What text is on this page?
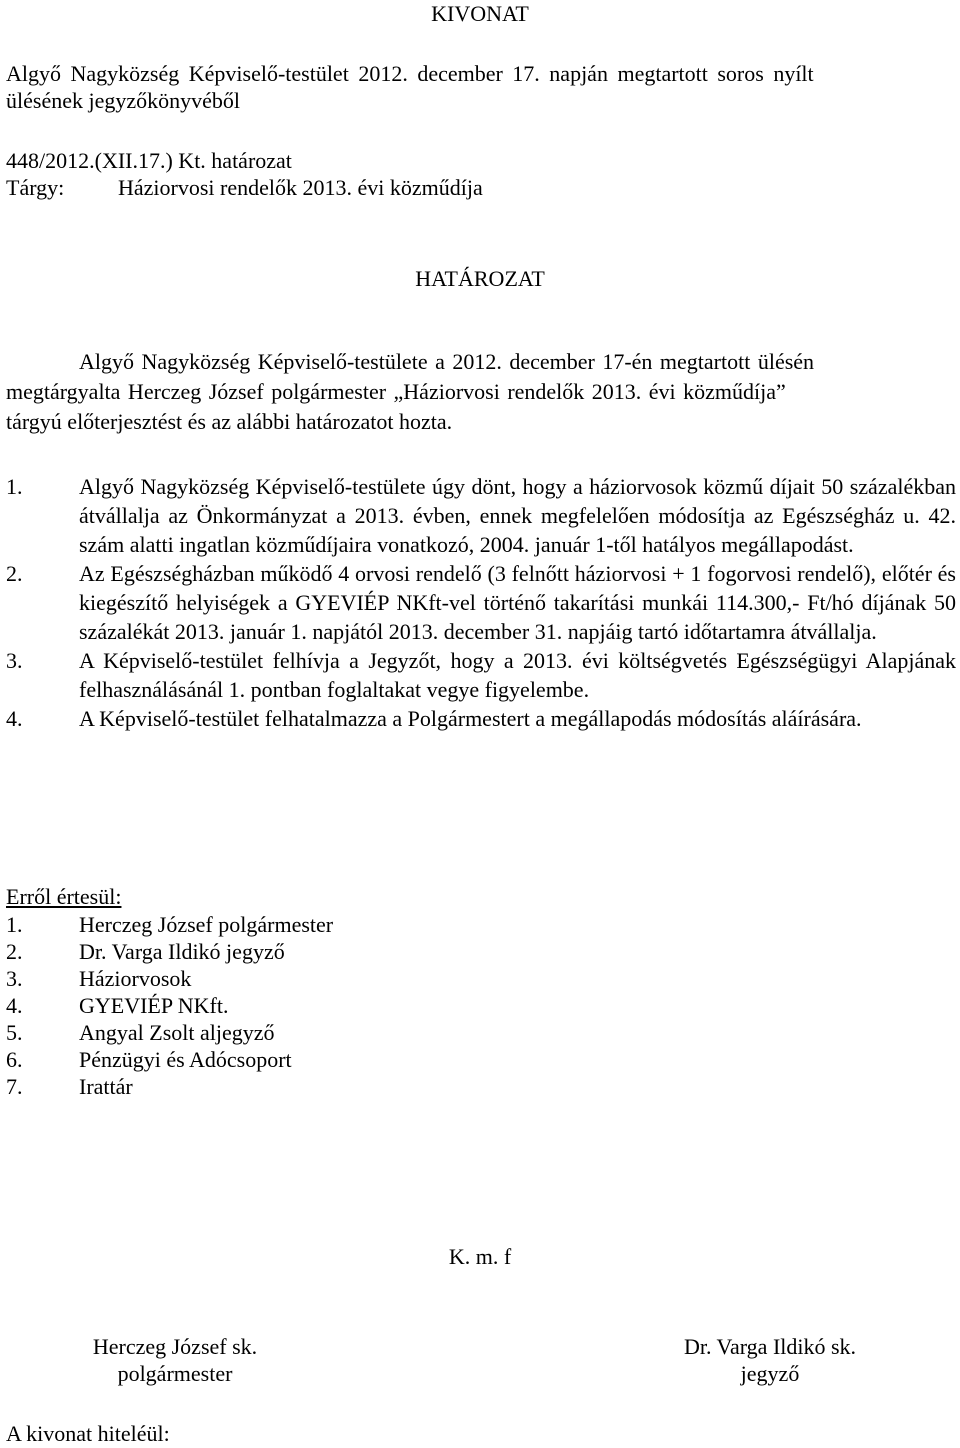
KIVONAT
Algyő Nagyközség Képviselő-testület 2012. december 17. napján megtartott soros nyílt
ülésének jegyzőkönyvéből
448/2012.(XII.17.) Kt. határozat
Tárgy:	Háziorvosi rendelők 2013. évi közműdíja
HATÁROZAT
Algyő Nagyközség Képviselő-testülete a 2012. december 17-én megtartott ülésén
megtárgyalta Herczeg József polgármester „Háziorvosi rendelők 2013. évi közműdíja”
tárgyú előterjesztést és az alábbi határozatot hozta.
1.	Algyő Nagyközség Képviselő-testülete úgy dönt, hogy a háziorvosok közmű díjait 50 százalékban átvállalja az Önkormányzat a 2013. évben, ennek megfelelően módosítja az Egészségház u. 42. szám alatti ingatlan közműdíjaira vonatkozó, 2004. január 1-től hatályos megállapodást.
2.	Az Egészségházban működő 4 orvosi rendelő (3 felnőtt háziorvosi + 1 fogorvosi rendelő), előtér és kiegészítő helyiségek a GYEVIÉP NKft-vel történő takarítási munkái 114.300,- Ft/hó díjának 50 százalékát 2013. január 1. napjától 2013. december 31. napjáig tartó időtartamra átvállalja.
3.	A Képviselő-testület felhívja a Jegyzőt, hogy a 2013. évi költségvetés Egészségügyi Alapjának felhasználásánál 1. pontban foglaltakat vegye figyelembe.
4.	A Képviselő-testület felhatalmazza a Polgármestert a megállapodás módosítás aláírására.
Erről értesül:
1.	Herczeg József polgármester
2.	Dr. Varga Ildikó jegyző
3.	Háziorvosok
4.	GYEVIÉP NKft.
5.	Angyal Zsolt aljegyző
6.	Pénzügyi és Adócsoport
7.	Irattár
K. m. f
Herczeg József sk.
polgármester
Dr. Varga Ildikó sk.
jegyző
A kivonat hiteléül:
